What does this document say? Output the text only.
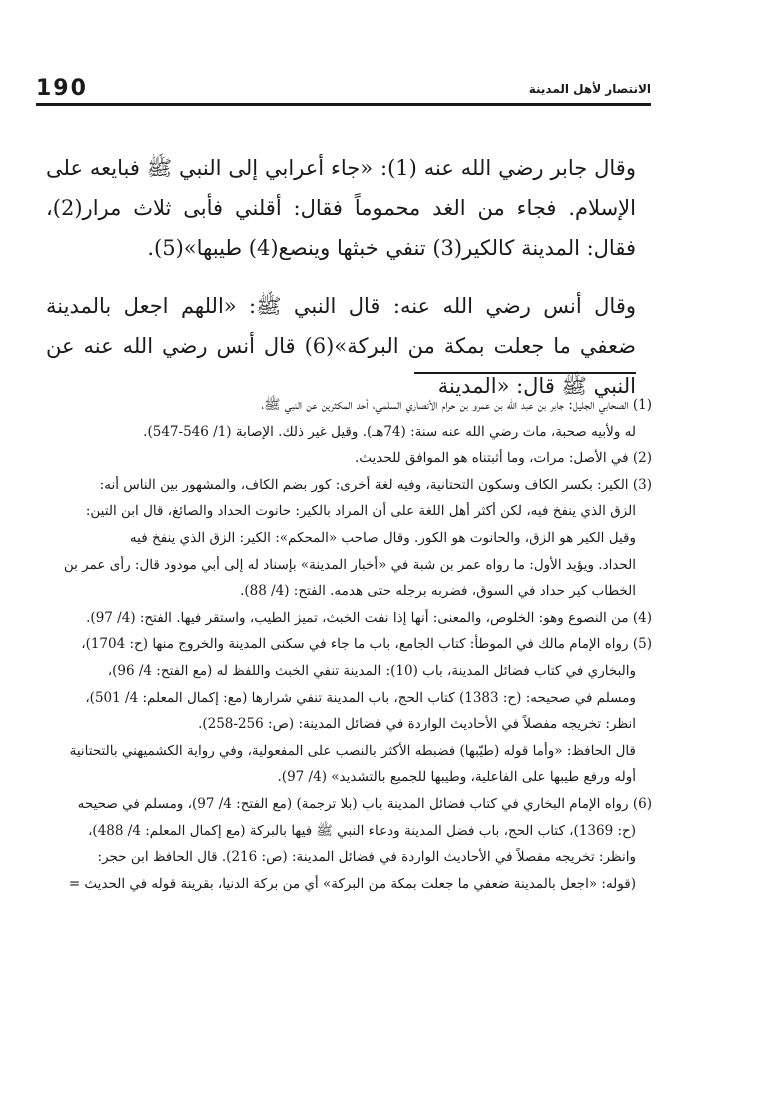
190	الانتصار لأهل المدينة

وقال جابر رضي الله عنه (1): «جاء أعرابي إلى النبي ﷺ فبايعه على الإسلام. فجاء من الغد محموماً فقال: أقلني فأبى ثلاث مرار(2)، فقال: المدينة كالكير(3) تنفي خبثها وينصع(4) طيبها»(5).

وقال أنس رضي الله عنه: قال النبي ﷺ: «اللهم اجعل بالمدينة ضعفي ما جعلت بمكة من البركة»(6) قال أنس رضي الله عنه عن النبي ﷺ قال: «المدينة

(1) الصحابي الجليل: جابر بن عبد الله بن عمرو بن حرام الأنصاري السلمي، أحد المكثرين عن النبي ﷺ،
له ولأبيه صحبة، مات رضي الله عنه سنة: (74هـ). وقيل غير ذلك. الإصابة (1/ 546-547).
(2) في الأصل: مرات، وما أثبتناه هو الموافق للحديث.
(3) الكير: بكسر الكاف وسكون التحتانية، وفيه لغة أخرى: كور بضم الكاف، والمشهور بين الناس أنه:
الزق الذي ينفخ فيه، لكن أكثر أهل اللغة على أن المراد بالكير: حانوت الحداد والصائغ، قال ابن التين:
وقيل الكير هو الزق، والحانوت هو الكور. وقال صاحب «المحكم»: الكير: الزق الذي ينفخ فيه
الحداد. ويؤيد الأول: ما رواه عمر بن شبة في «أخبار المدينة» بإسناد له إلى أبي مودود قال: رأى عمر بن
الخطاب كير حداد في السوق، فضربه برجله حتى هدمه. الفتح: (4/ 88).
(4) من النصوع وهو: الخلوص، والمعنى: أنها إذا نفت الخبث، تميز الطيب، واستقر فيها. الفتح: (4/ 97).
(5) رواه الإمام مالك في الموطأ: كتاب الجامع، باب ما جاء في سكنى المدينة والخروج منها (ح: 1704)،
والبخاري في كتاب فضائل المدينة، باب (10): المدينة تنفي الخبث واللفظ له (مع الفتح: 4/ 96)،
ومسلم في صحيحه: (ح: 1383) كتاب الحج، باب المدينة تنفي شرارها (مع: إكمال المعلم: 4/ 501)،
انظر: تخريجه مفصلاً في الأحاديث الواردة في فضائل المدينة: (ص: 256-258).
قال الحافظ: «وأما قوله (طيّبها) فضبطه الأكثر بالنصب على المفعولية، وفي رواية الكشميهني بالتحتانية
أوله ورفع طيبها على الفاعلية، وطيبها للجميع بالتشديد» (4/ 97).
(6) رواه الإمام البخاري في كتاب فضائل المدينة باب (بلا ترجمة) (مع الفتح: 4/ 97)، ومسلم في صحيحه
(ح: 1369)، كتاب الحج، باب فضل المدينة ودعاء النبي ﷺ فيها بالبركة (مع إكمال المعلم: 4/ 488)،
وانظر: تخريجه مفصلاً في الأحاديث الواردة في فضائل المدينة: (ص: 216). قال الحافظ ابن حجر:
(قوله: «اجعل بالمدينة ضعفي ما جعلت بمكة من البركة» أي من بركة الدنيا، بقرينة قوله في الحديث =
